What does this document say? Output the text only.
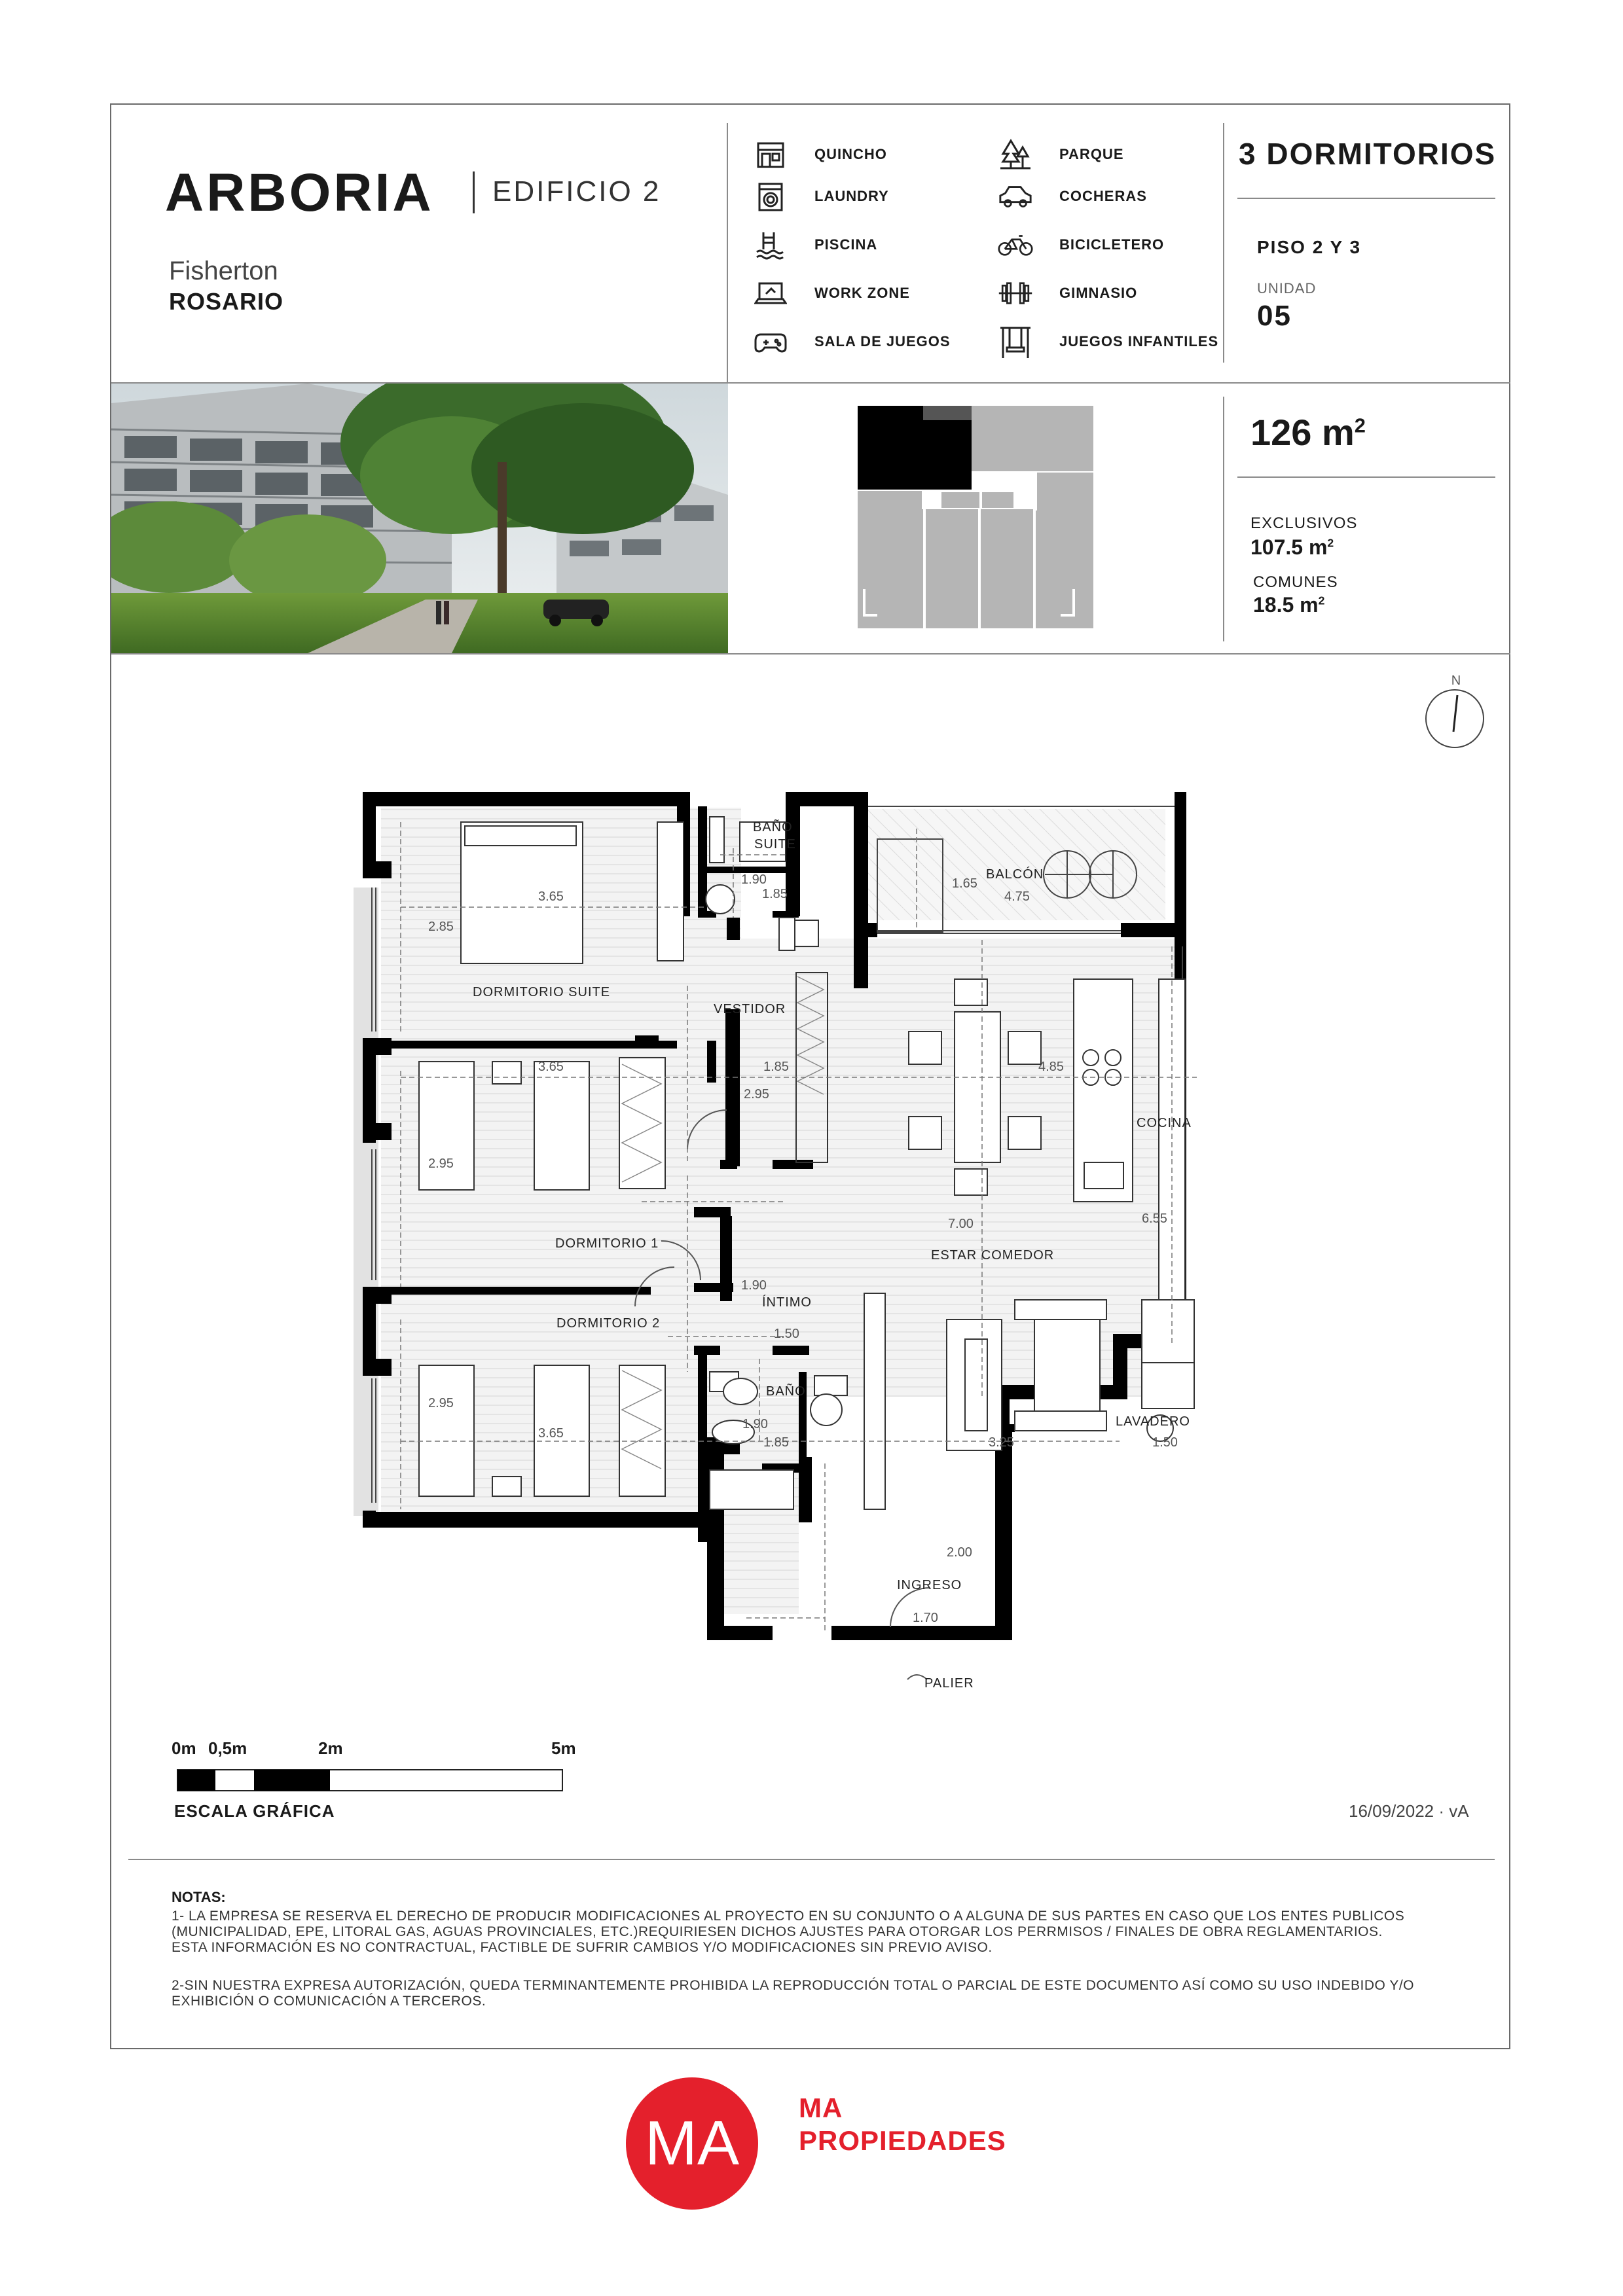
ARBORIA EDIFICIO 2
Fisherton
ROSARIO
QUINCHO
LAUNDRY
PISCINA
WORK ZONE
SALA DE JUEGOS
PARQUE
COCHERAS
BICICLETERO
GIMNASIO
JUEGOS INFANTILES
3 DORMITORIOS
PISO 2 Y 3
UNIDAD
05
126 $m^2$
EXCLUSIVOS
107.5 $m^2$
COMUNES
18.5 $m^2$
N
DORMITORIO SUITE
BAÑO
SUITE
BALCÓN
VESTIDOR
DORMITORIO 1
DORMITORIO 2
ÍNTIMO
BAÑO
COCINA
ESTAR COMEDOR
LAVADERO
INGRESO
PALIER
3.65
2.85
1.90
1.85
1.65
4.75
3.65
2.95
1.85
2.95
4.85
7.00	6.55
1.90
1.50
2.95
3.65
1.90
1.85	3.25	1.50
2.00
1.70
0m 0,5m	2m	5m
ESCALA GRÁFICA	16/09/2022 · vA
NOTAS:
1- LA EMPRESA SE RESERVA EL DERECHO DE PRODUCIR MODIFICACIONES AL PROYECTO EN SU CONJUNTO O A ALGUNA DE SUS PARTES EN CASO QUE LOS ENTES PUBLICOS
(MUNICIPALIDAD, EPE, LITORAL GAS, AGUAS PROVINCIALES, ETC.)REQUIRIESEN DICHOS AJUSTES PARA OTORGAR LOS PERRMISOS / FINALES DE OBRA REGLAMENTARIOS.
ESTA INFORMACIÓN ES NO CONTRACTUAL, FACTIBLE DE SUFRIR CAMBIOS Y/O MODIFICACIONES SIN PREVIO AVISO.
2-SIN NUESTRA EXPRESA AUTORIZACIÓN, QUEDA TERMINANTEMENTE PROHIBIDA LA REPRODUCCIÓN TOTAL O PARCIAL DE ESTE DOCUMENTO ASÍ COMO SU USO INDEBIDO Y/O
EXHIBICIÓN O COMUNICACIÓN A TERCEROS.
MA
MA
PROPIEDADES
